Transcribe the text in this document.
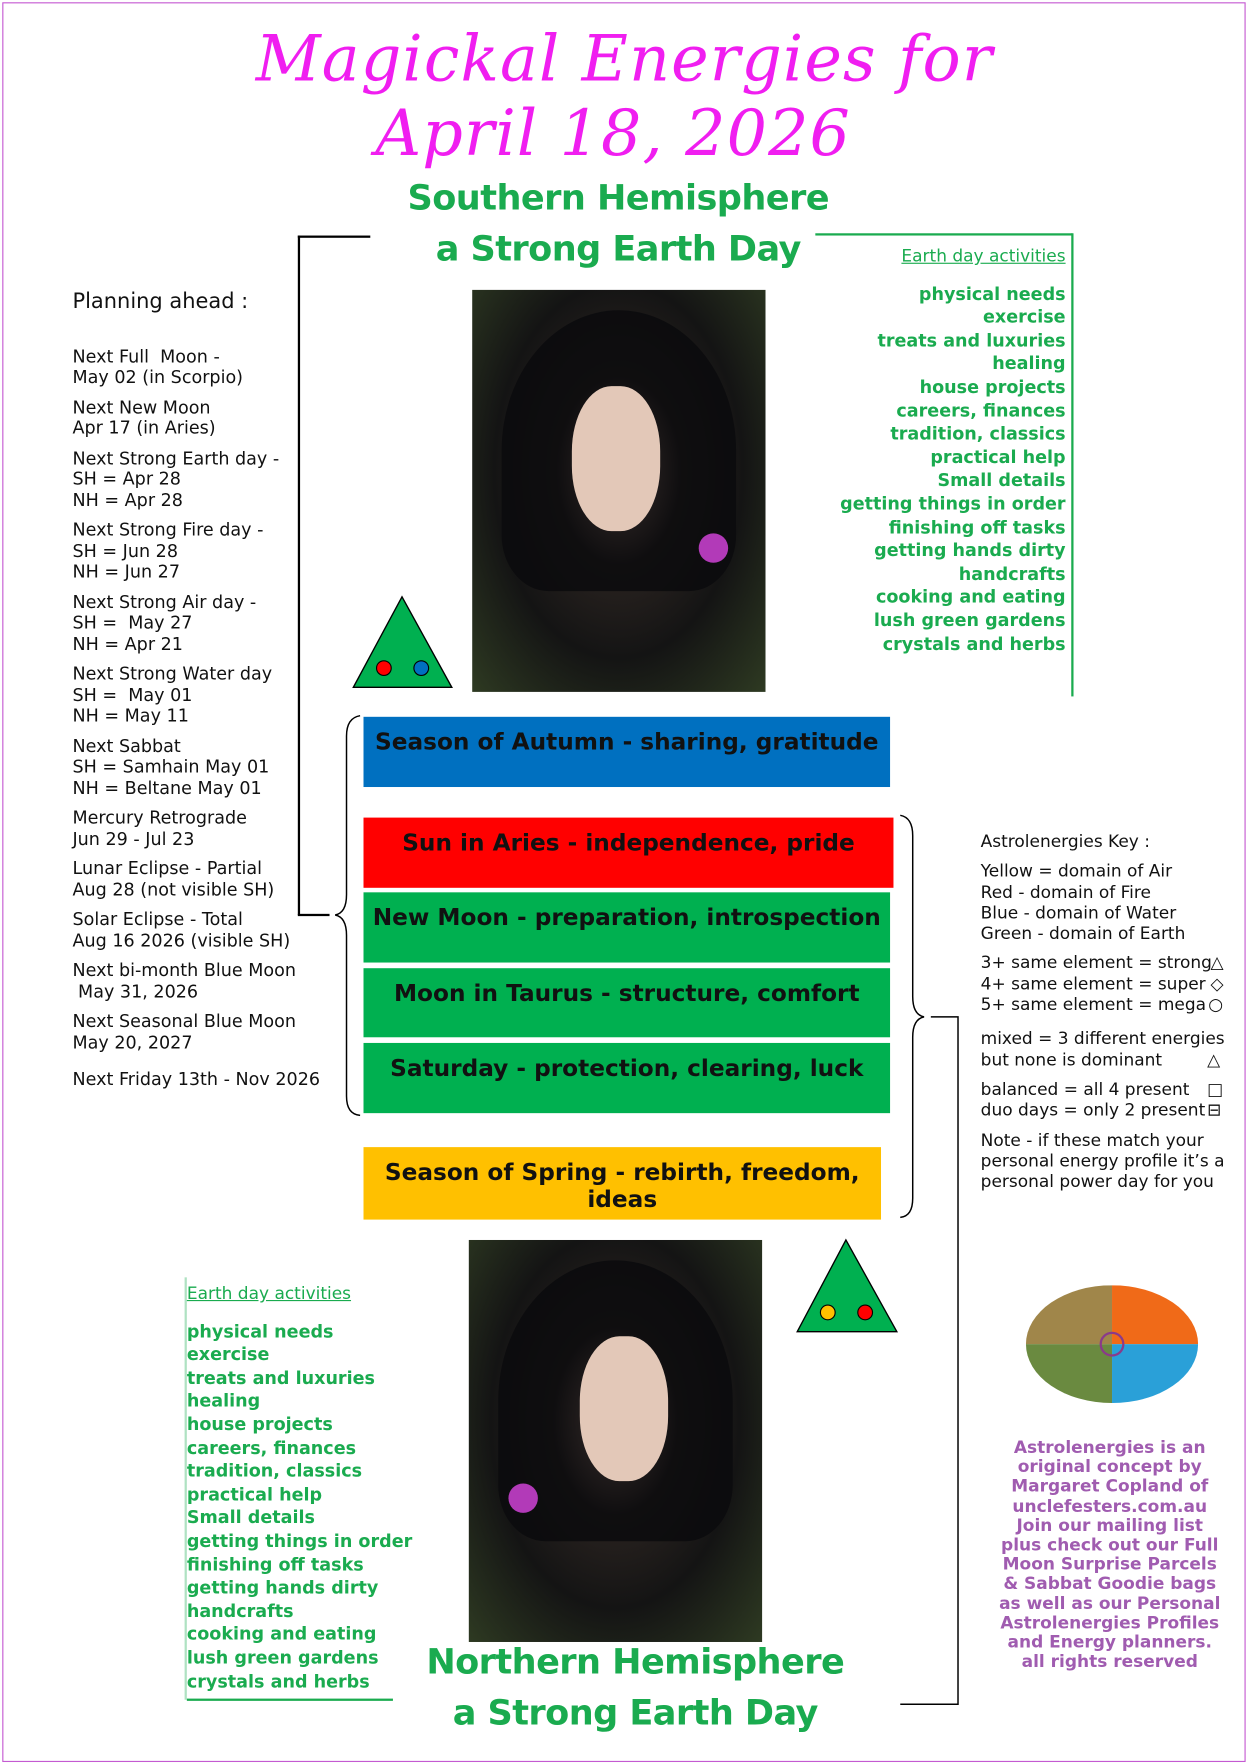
Magickal Energies for
April 18, 2026
Southern Hemisphere
a Strong Earth Day	Earth day activities
physical needs
exercise
treats and luxuries
healing
house projects
careers, finances
tradition, classics
practical help
Small details
getting things in order
finishing off tasks
getting hands dirty
handcrafts
cooking and eating
lush green gardens
crystals and herbs
Planning ahead :
Next Full  Moon -
May 02 (in Scorpio)
Next New Moon
Apr 17 (in Aries)
Next Strong Earth day -
SH = Apr 28
NH = Apr 28
Next Strong Fire day -
SH = Jun 28
NH = Jun 27
Next Strong Air day -
SH =  May 27
NH = Apr 21
Next Strong Water day
SH =  May 01
NH = May 11
Next Sabbat
SH = Samhain May 01
NH = Beltane May 01
Mercury Retrograde
Jun 29 - Jul 23
Lunar Eclipse - Partial
Aug 28 (not visible SH)
Solar Eclipse - Total
Aug 16 2026 (visible SH)
Next bi-month Blue Moon
May 31, 2026
Next Seasonal Blue Moon
May 20, 2027
Next Friday 13th - Nov 2026
Season of Autumn - sharing, gratitude
Sun in Aries - independence, pride
New Moon - preparation, introspection
Moon in Taurus - structure, comfort
Saturday - protection, clearing, luck
Season of Spring - rebirth, freedom, ideas
Astrolenergies Key :
Yellow = domain of Air
Red - domain of Fire
Blue - domain of Water
Green - domain of Earth
3+ same element = strong
△
4+ same element = super ◇
5+ same element = mega ○
mixed = 3 different energies
but none is dominant	△
balanced = all 4 present □
duo days = only 2 present ⊟
Note - if these match your
personal energy profile it’s a
personal power day for you
Astrolenergies is an
original concept by
Margaret Copland of
unclefesters.com.au
Join our mailing list
plus check out our Full
Moon Surprise Parcels
& Sabbat Goodie bags
as well as our Personal
Astrolenergies Profiles
and Energy planners.
all rights reserved
Earth day activities
physical needs
exercise
treats and luxuries
healing
house projects
careers, finances
tradition, classics
practical help
Small details
getting things in order
finishing off tasks
getting hands dirty
handcrafts
cooking and eating
lush green gardens
crystals and herbs	Northern Hemisphere
a Strong Earth Day
